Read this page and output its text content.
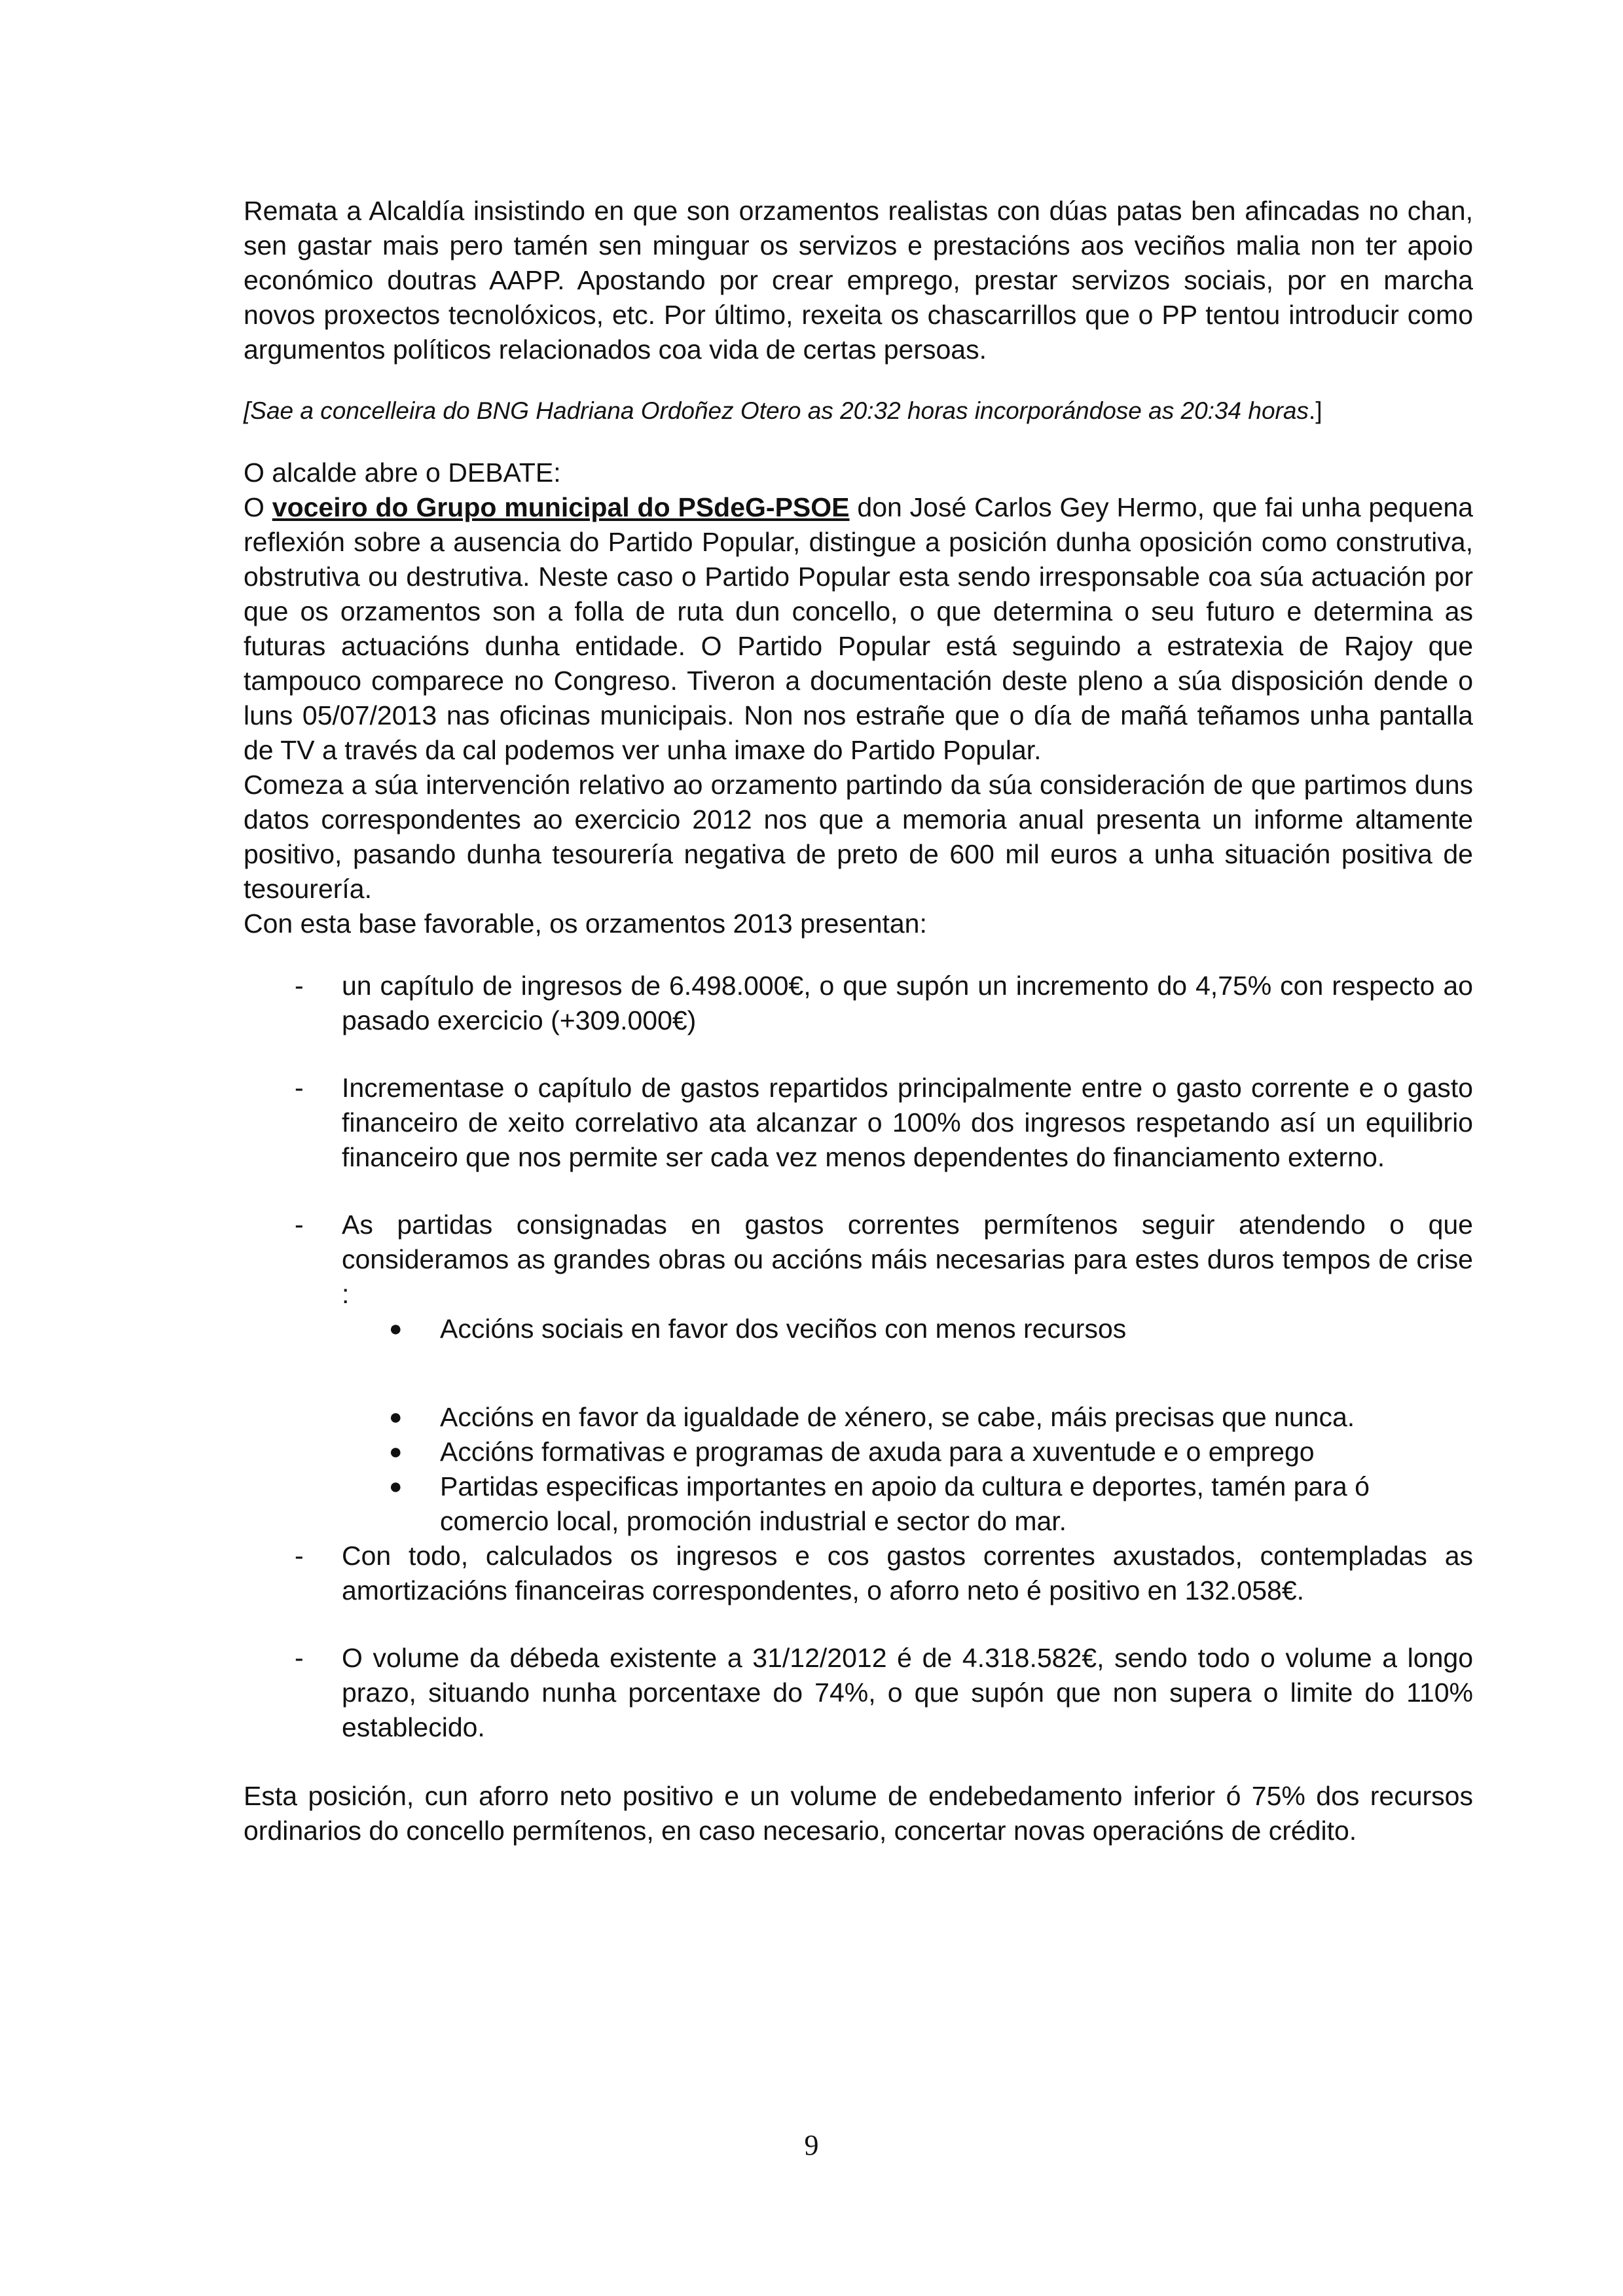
Remata a Alcaldía insistindo en que son orzamentos realistas con dúas patas ben afincadas no chan, sen gastar mais pero tamén sen minguar os servizos e prestacións aos veciños malia non ter apoio económico doutras AAPP. Apostando por crear emprego, prestar servizos sociais, por en marcha novos proxectos tecnolóxicos, etc. Por último, rexeita os chascarrillos que o PP tentou introducir como argumentos políticos relacionados coa vida de certas persoas.

[Sae a concelleira do BNG Hadriana Ordoñez Otero as 20:32 horas incorporándose as 20:34 horas.]

O alcalde abre o DEBATE:

O voceiro do Grupo municipal do PSdeG-PSOE don José Carlos Gey Hermo, que fai unha pequena reflexión sobre a ausencia do Partido Popular, distingue a posición dunha oposición como construtiva, obstrutiva ou destrutiva. Neste caso o Partido Popular esta sendo irresponsable coa súa actuación por que os orzamentos son a folla de ruta dun concello, o que determina o seu futuro e determina as futuras actuacións dunha entidade. O Partido Popular está seguindo a estratexia de Rajoy que tampouco comparece no Congreso. Tiveron a documentación deste pleno a súa disposición dende o luns 05/07/2013 nas oficinas municipais. Non nos estrañe que o día de mañá teñamos unha pantalla de TV a través da cal podemos ver unha imaxe do Partido Popular.

Comeza a súa intervención relativo ao orzamento partindo da súa consideración de que partimos duns datos correspondentes ao exercicio 2012 nos que a memoria anual presenta un informe altamente positivo, pasando dunha tesourería negativa de preto de 600 mil euros a unha situación positiva de tesourería.

Con esta base favorable, os orzamentos 2013 presentan:

- un capítulo de ingresos de 6.498.000€, o que supón un incremento do 4,75% con respecto ao pasado exercicio (+309.000€)
- Incrementase o capítulo de gastos repartidos principalmente entre o gasto corrente e o gasto financeiro de xeito correlativo ata alcanzar o 100% dos ingresos respetando así un equilibrio financeiro que nos permite ser cada vez menos dependentes do financiamento externo.
- As partidas consignadas en gastos correntes permítenos seguir atendendo o que consideramos as grandes obras ou accións máis necesarias para estes duros tempos de crise :
● Accións sociais en favor dos veciños con menos recursos
● Accións en favor da igualdade de xénero, se cabe, máis precisas que nunca.
● Accións formativas e programas de axuda para a xuventude e o emprego
● Partidas especificas importantes en apoio da cultura e deportes, tamén para ó comercio local, promoción industrial e sector do mar.
- Con todo, calculados os ingresos e cos gastos correntes axustados, contempladas as amortizacións financeiras correspondentes, o aforro neto é positivo en 132.058€.
- O volume da débeda existente a 31/12/2012 é de 4.318.582€, sendo todo o volume a longo prazo, situando nunha porcentaxe do 74%, o que supón que non supera o limite do 110% establecido.

Esta posición, cun aforro neto positivo e un volume de endebedamento inferior ó 75% dos recursos ordinarios do concello permítenos, en caso necesario, concertar novas operacións de crédito.

9
